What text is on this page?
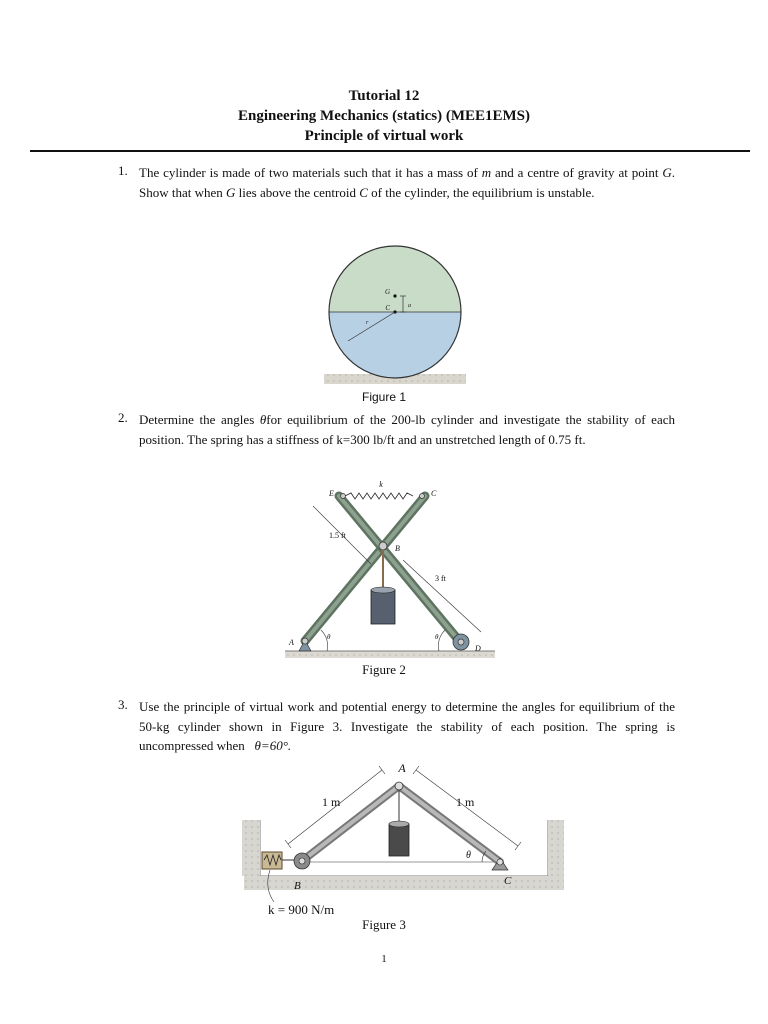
Tutorial 12
Engineering Mechanics (statics) (MEE1EMS)
Principle of virtual work
1. The cylinder is made of two materials such that it has a mass of m and a centre of gravity at point G. Show that when G lies above the centroid C of the cylinder, the equilibrium is unstable.
G
C	a
r
Figure 1
2. Determine the angles θfor equilibrium of the 200-lb cylinder and investigate the stability of each position. The spring has a stiffness of k=300 lb/ft and an unstretched length of 0.75 ft.
k
E	C
B
A
D
1.5 ft
3 ft
θ	θ
Figure 2
3. Use the principle of virtual work and potential energy to determine the angles for equilibrium of the 50-kg cylinder shown in Figure 3. Investigate the stability of each position. The spring is uncompressed when   θ=60°.
A
B	C
1 m	1 m
θ
k = 900 N/m
Figure 3
1
